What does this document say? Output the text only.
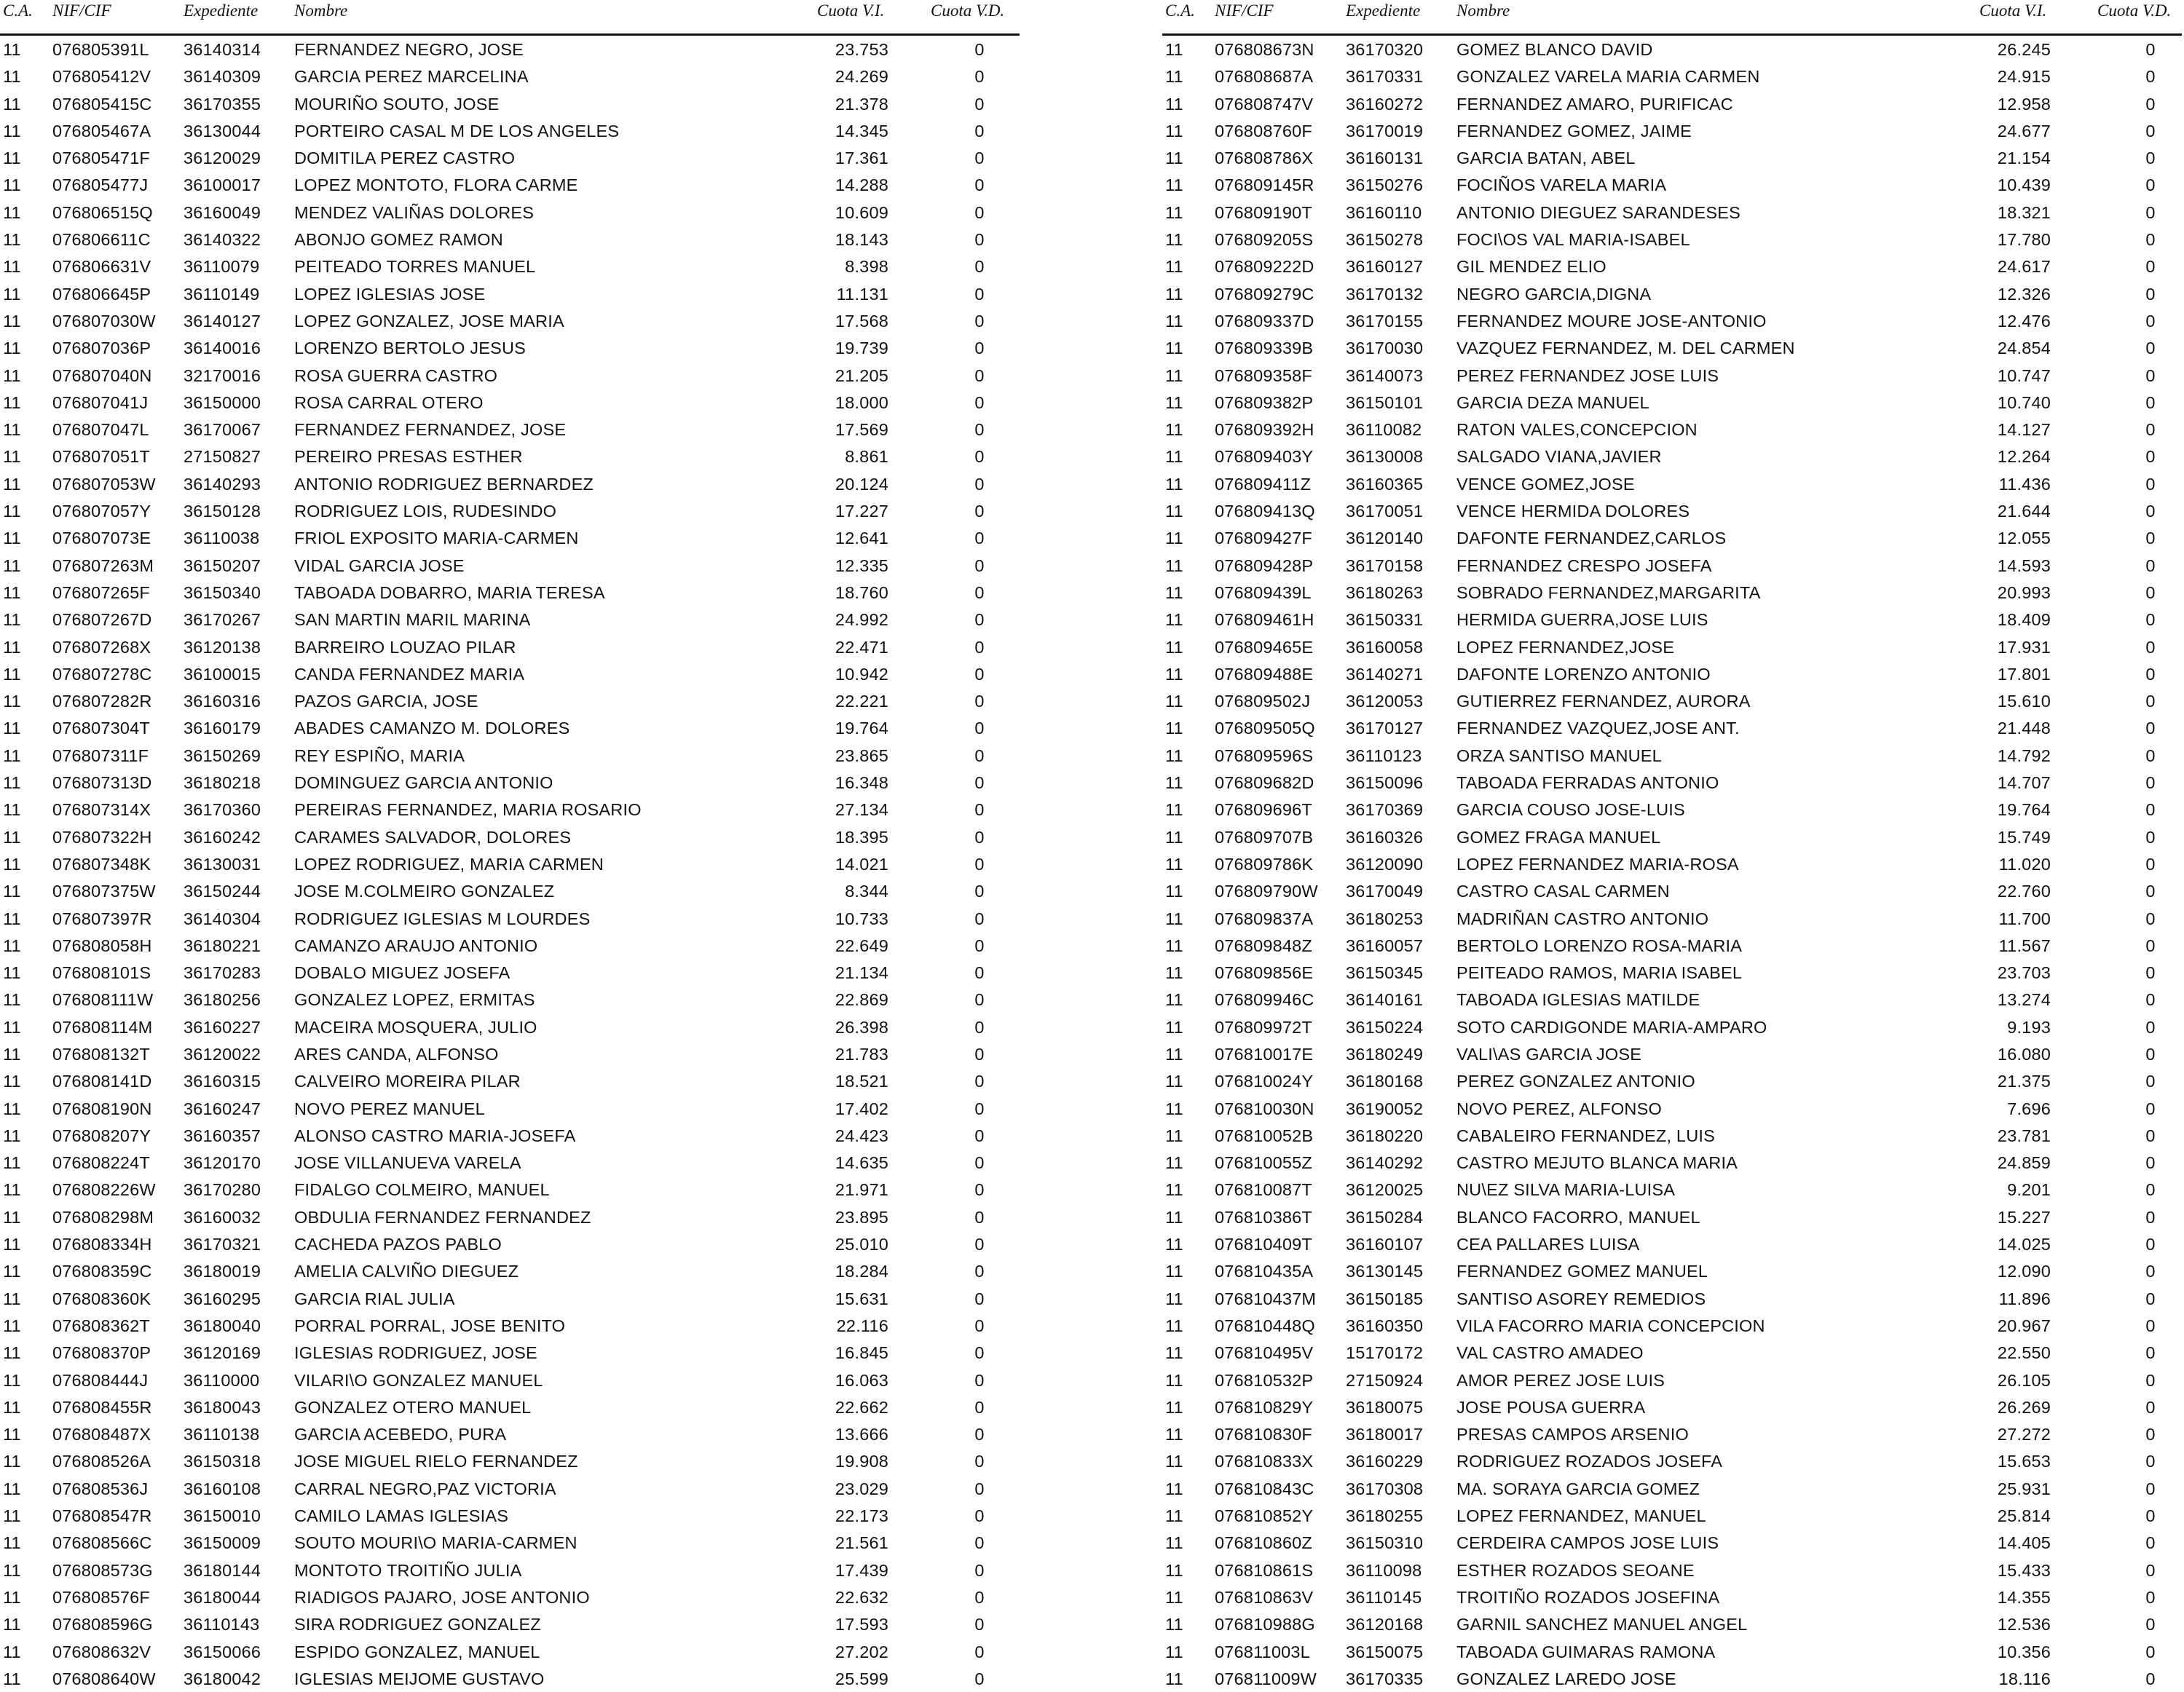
C.A. NIF/CIF	Expediente Nombre	Cuota V.I.	Cuota V.D.
11 076805391L 36140314 FERNANDEZ NEGRO, JOSE	23.753	0
11 076805412V 36140309 GARCIA PEREZ MARCELINA	24.269	0
11 076805415C 36170355 MOURIÑO SOUTO, JOSE	21.378	0
11 076805467A 36130044 PORTEIRO CASAL M DE LOS ANGELES	14.345	0
11 076805471F 36120029 DOMITILA PEREZ CASTRO	17.361	0
11 076805477J 36100017 LOPEZ MONTOTO, FLORA CARME	14.288	0
11 076806515Q 36160049 MENDEZ VALIÑAS DOLORES	10.609	0
11 076806611C 36140322 ABONJO GOMEZ RAMON	18.143	0
11 076806631V 36110079 PEITEADO TORRES MANUEL	8.398	0
11 076806645P 36110149 LOPEZ IGLESIAS JOSE	11.131	0
11 076807030W 36140127 LOPEZ GONZALEZ, JOSE MARIA	17.568	0
11 076807036P 36140016 LORENZO BERTOLO JESUS	19.739	0
11 076807040N 32170016 ROSA GUERRA CASTRO	21.205	0
11 076807041J 36150000 ROSA CARRAL OTERO	18.000	0
11 076807047L 36170067 FERNANDEZ FERNANDEZ, JOSE	17.569	0
11 076807051T 27150827 PEREIRO PRESAS ESTHER	8.861	0
11 076807053W 36140293 ANTONIO RODRIGUEZ BERNARDEZ	20.124	0
11 076807057Y 36150128 RODRIGUEZ LOIS, RUDESINDO	17.227	0
11 076807073E 36110038 FRIOL EXPOSITO MARIA-CARMEN	12.641	0
11 076807263M 36150207 VIDAL GARCIA JOSE	12.335	0
11 076807265F 36150340 TABOADA DOBARRO, MARIA TERESA	18.760	0
11 076807267D 36170267 SAN MARTIN MARIL MARINA	24.992	0
11 076807268X 36120138 BARREIRO LOUZAO PILAR	22.471	0
11 076807278C 36100015 CANDA FERNANDEZ MARIA	10.942	0
11 076807282R 36160316 PAZOS GARCIA, JOSE	22.221	0
11 076807304T 36160179 ABADES CAMANZO M. DOLORES	19.764	0
11 076807311F 36150269 REY ESPIÑO, MARIA	23.865	0
11 076807313D 36180218 DOMINGUEZ GARCIA ANTONIO	16.348	0
11 076807314X 36170360 PEREIRAS FERNANDEZ, MARIA ROSARIO	27.134	0
11 076807322H 36160242 CARAMES SALVADOR, DOLORES	18.395	0
11 076807348K 36130031 LOPEZ RODRIGUEZ, MARIA CARMEN	14.021	0
11 076807375W 36150244 JOSE M.COLMEIRO GONZALEZ	8.344	0
11 076807397R 36140304 RODRIGUEZ IGLESIAS M LOURDES	10.733	0
11 076808058H 36180221 CAMANZO ARAUJO ANTONIO	22.649	0
11 076808101S 36170283 DOBALO MIGUEZ JOSEFA	21.134	0
11 076808111W 36180256 GONZALEZ LOPEZ, ERMITAS	22.869	0
11 076808114M 36160227 MACEIRA MOSQUERA, JULIO	26.398	0
11 076808132T 36120022 ARES CANDA, ALFONSO	21.783	0
11 076808141D 36160315 CALVEIRO MOREIRA PILAR	18.521	0
11 076808190N 36160247 NOVO PEREZ MANUEL	17.402	0
11 076808207Y 36160357 ALONSO CASTRO MARIA-JOSEFA	24.423	0
11 076808224T 36120170 JOSE VILLANUEVA VARELA	14.635	0
11 076808226W 36170280 FIDALGO COLMEIRO, MANUEL	21.971	0
11 076808298M 36160032 OBDULIA FERNANDEZ FERNANDEZ	23.895	0
11 076808334H 36170321 CACHEDA PAZOS PABLO	25.010	0
11 076808359C 36180019 AMELIA CALVIÑO DIEGUEZ	18.284	0
11 076808360K 36160295 GARCIA RIAL JULIA	15.631	0
11 076808362T 36180040 PORRAL PORRAL, JOSE BENITO	22.116	0
11 076808370P 36120169 IGLESIAS RODRIGUEZ, JOSE	16.845	0
11 076808444J 36110000 VILARI\O GONZALEZ MANUEL	16.063	0
11 076808455R 36180043 GONZALEZ OTERO MANUEL	22.662	0
11 076808487X 36110138 GARCIA ACEBEDO, PURA	13.666	0
11 076808526A 36150318 JOSE MIGUEL RIELO FERNANDEZ	19.908	0
11 076808536J 36160108 CARRAL NEGRO,PAZ VICTORIA	23.029	0
11 076808547R 36150010 CAMILO LAMAS IGLESIAS	22.173	0
11 076808566C 36150009 SOUTO MOURI\O MARIA-CARMEN	21.561	0
11 076808573G 36180144 MONTOTO TROITIÑO JULIA	17.439	0
11 076808576F 36180044 RIADIGOS PAJARO, JOSE ANTONIO	22.632	0
11 076808596G 36110143 SIRA RODRIGUEZ GONZALEZ	17.593	0
11 076808632V 36150066 ESPIDO GONZALEZ, MANUEL	27.202	0
11 076808640W 36180042 IGLESIAS MEIJOME GUSTAVO	25.599	0
C.A. NIF/CIF	Expediente Nombre	Cuota V.I.	Cuota V.D.
11 076808673N 36170320 GOMEZ BLANCO DAVID	26.245	0
11 076808687A 36170331 GONZALEZ VARELA MARIA CARMEN	24.915	0
11 076808747V 36160272 FERNANDEZ AMARO, PURIFICAC	12.958	0
11 076808760F 36170019 FERNANDEZ GOMEZ, JAIME	24.677	0
11 076808786X 36160131 GARCIA BATAN, ABEL	21.154	0
11 076809145R 36150276 FOCIÑOS VARELA MARIA	10.439	0
11 076809190T 36160110 ANTONIO DIEGUEZ SARANDESES	18.321	0
11 076809205S 36150278 FOCI\OS VAL MARIA-ISABEL	17.780	0
11 076809222D 36160127 GIL MENDEZ ELIO	24.617	0
11 076809279C 36170132 NEGRO GARCIA,DIGNA	12.326	0
11 076809337D 36170155 FERNANDEZ MOURE JOSE-ANTONIO	12.476	0
11 076809339B 36170030 VAZQUEZ FERNANDEZ, M. DEL CARMEN	24.854	0
11 076809358F 36140073 PEREZ FERNANDEZ JOSE LUIS	10.747	0
11 076809382P 36150101 GARCIA DEZA MANUEL	10.740	0
11 076809392H 36110082 RATON VALES,CONCEPCION	14.127	0
11 076809403Y 36130008 SALGADO VIANA,JAVIER	12.264	0
11 076809411Z 36160365 VENCE GOMEZ,JOSE	11.436	0
11 076809413Q 36170051 VENCE HERMIDA DOLORES	21.644	0
11 076809427F 36120140 DAFONTE FERNANDEZ,CARLOS	12.055	0
11 076809428P 36170158 FERNANDEZ CRESPO JOSEFA	14.593	0
11 076809439L 36180263 SOBRADO FERNANDEZ,MARGARITA	20.993	0
11 076809461H 36150331 HERMIDA GUERRA,JOSE LUIS	18.409	0
11 076809465E 36160058 LOPEZ FERNANDEZ,JOSE	17.931	0
11 076809488E 36140271 DAFONTE LORENZO ANTONIO	17.801	0
11 076809502J 36120053 GUTIERREZ FERNANDEZ, AURORA	15.610	0
11 076809505Q 36170127 FERNANDEZ VAZQUEZ,JOSE ANT.	21.448	0
11 076809596S 36110123 ORZA SANTISO MANUEL	14.792	0
11 076809682D 36150096 TABOADA FERRADAS ANTONIO	14.707	0
11 076809696T 36170369 GARCIA COUSO JOSE-LUIS	19.764	0
11 076809707B 36160326 GOMEZ FRAGA MANUEL	15.749	0
11 076809786K 36120090 LOPEZ FERNANDEZ MARIA-ROSA	11.020	0
11 076809790W 36170049 CASTRO CASAL CARMEN	22.760	0
11 076809837A 36180253 MADRIÑAN CASTRO ANTONIO	11.700	0
11 076809848Z 36160057 BERTOLO LORENZO ROSA-MARIA	11.567	0
11 076809856E 36150345 PEITEADO RAMOS, MARIA ISABEL	23.703	0
11 076809946C 36140161 TABOADA IGLESIAS MATILDE	13.274	0
11 076809972T 36150224 SOTO CARDIGONDE MARIA-AMPARO	9.193	0
11 076810017E 36180249 VALI\AS GARCIA JOSE	16.080	0
11 076810024Y 36180168 PEREZ GONZALEZ ANTONIO	21.375	0
11 076810030N 36190052 NOVO PEREZ, ALFONSO	7.696	0
11 076810052B 36180220 CABALEIRO FERNANDEZ, LUIS	23.781	0
11 076810055Z 36140292 CASTRO MEJUTO BLANCA MARIA	24.859	0
11 076810087T 36120025 NU\EZ SILVA MARIA-LUISA	9.201	0
11 076810386T 36150284 BLANCO FACORRO, MANUEL	15.227	0
11 076810409T 36160107 CEA PALLARES LUISA	14.025	0
11 076810435A 36130145 FERNANDEZ GOMEZ MANUEL	12.090	0
11 076810437M 36150185 SANTISO ASOREY REMEDIOS	11.896	0
11 076810448Q 36160350 VILA FACORRO MARIA CONCEPCION	20.967	0
11 076810495V 15170172 VAL CASTRO AMADEO	22.550	0
11 076810532P 27150924 AMOR PEREZ JOSE LUIS	26.105	0
11 076810829Y 36180075 JOSE POUSA GUERRA	26.269	0
11 076810830F 36180017 PRESAS CAMPOS ARSENIO	27.272	0
11 076810833X 36160229 RODRIGUEZ ROZADOS JOSEFA	15.653	0
11 076810843C 36170308 MA. SORAYA GARCIA GOMEZ	25.931	0
11 076810852Y 36180255 LOPEZ FERNANDEZ, MANUEL	25.814	0
11 076810860Z 36150310 CERDEIRA CAMPOS JOSE LUIS	14.405	0
11 076810861S 36110098 ESTHER ROZADOS SEOANE	15.433	0
11 076810863V 36110145 TROITIÑO ROZADOS JOSEFINA	14.355	0
11 076810988G 36120168 GARNIL SANCHEZ MANUEL ANGEL	12.536	0
11 076811003L 36150075 TABOADA GUIMARAS RAMONA	10.356	0
11 076811009W 36170335 GONZALEZ LAREDO JOSE	18.116	0
